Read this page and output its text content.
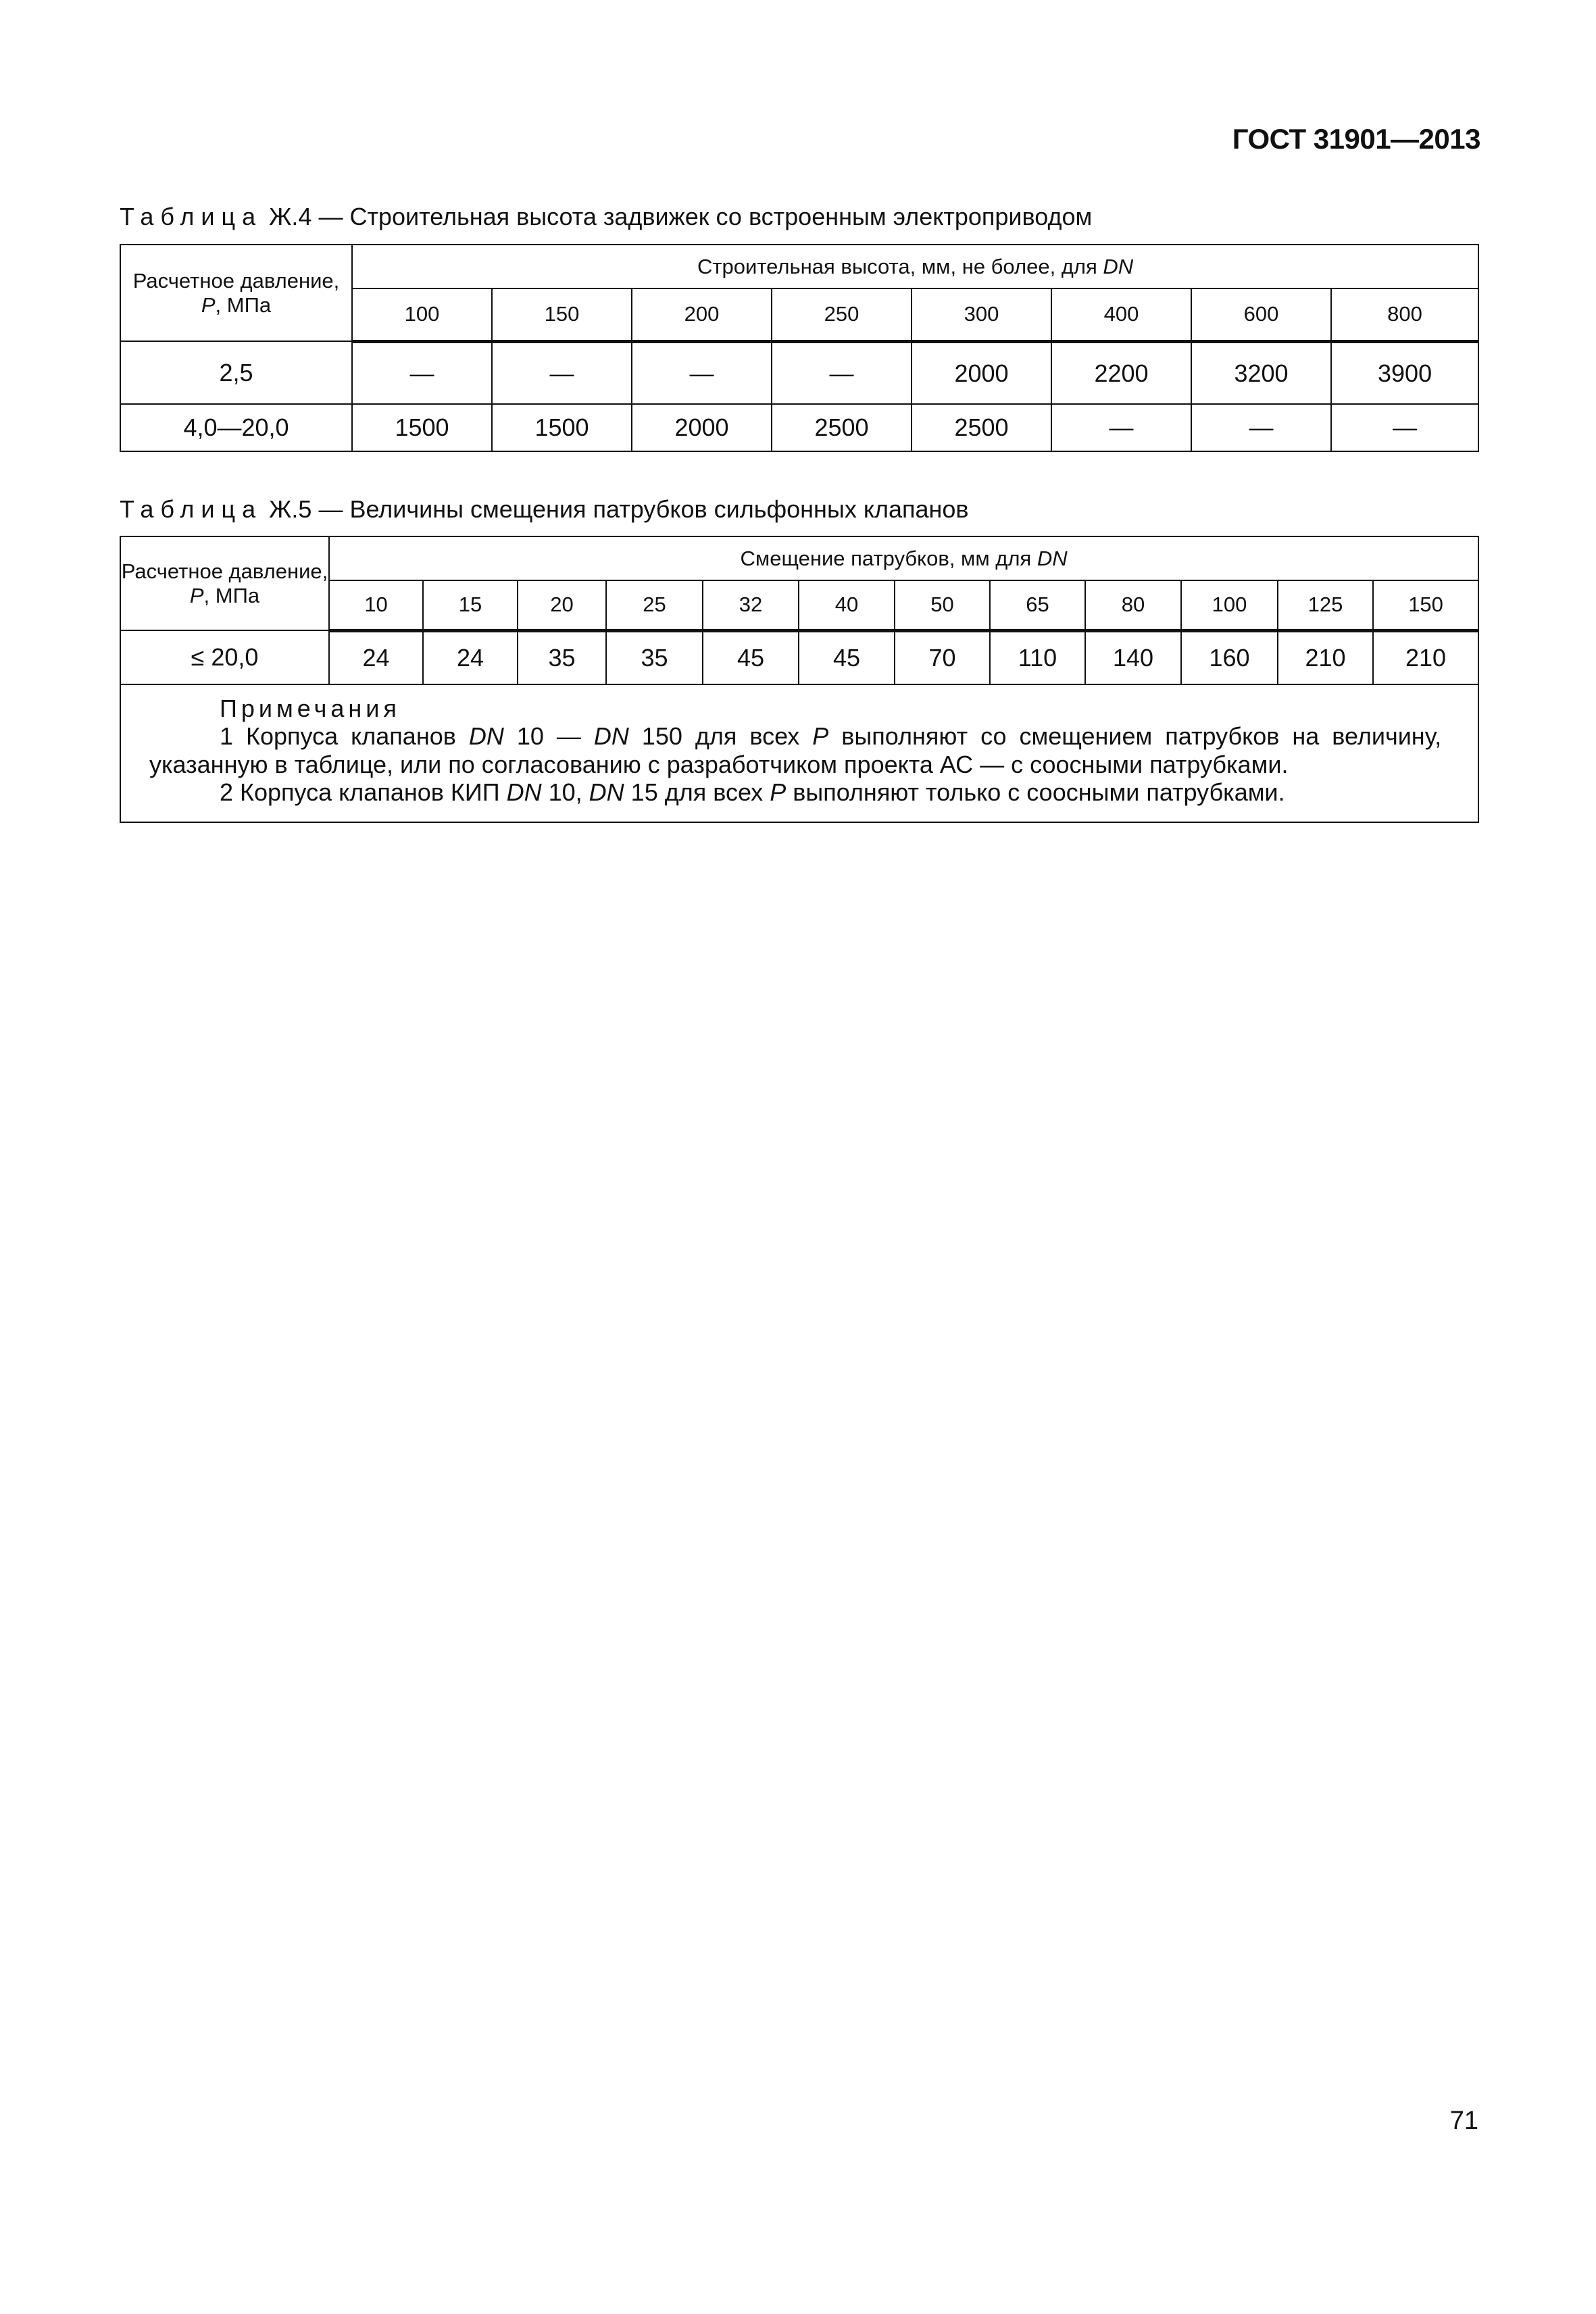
ГОСТ 31901—2013
Таблица Ж.4 — Строительная высота задвижек со встроенным электроприводом
Расчетное давление, P, МПа	Строительная высота, мм, не более, для DN							
	100	150	200	250	300	400	600	800
2,5	—	—	—	—	2000	2200	3200	3900
4,0—20,0	1500	1500	2000	2500	2500	—	—	—
Таблица Ж.5 — Величины смещения патрубков сильфонных клапанов
Расчетное давление, P, МПа	Смещение патрубков, мм для DN											
	10	15	20	25	32	40	50	65	80	100	125	150
≤ 20,0	24	24	35	35	45	45	70	110	140	160	210	210

Примечания
1 Корпуса клапанов DN 10 — DN 150 для всех P выполняют со смещением патрубков на величину, указанную в таблице, или по согласованию с разработчиком проекта АС — с соосными патрубками.
2 Корпуса клапанов КИП DN 10, DN 15 для всех P выполняют только с соосными патрубками.												
71
